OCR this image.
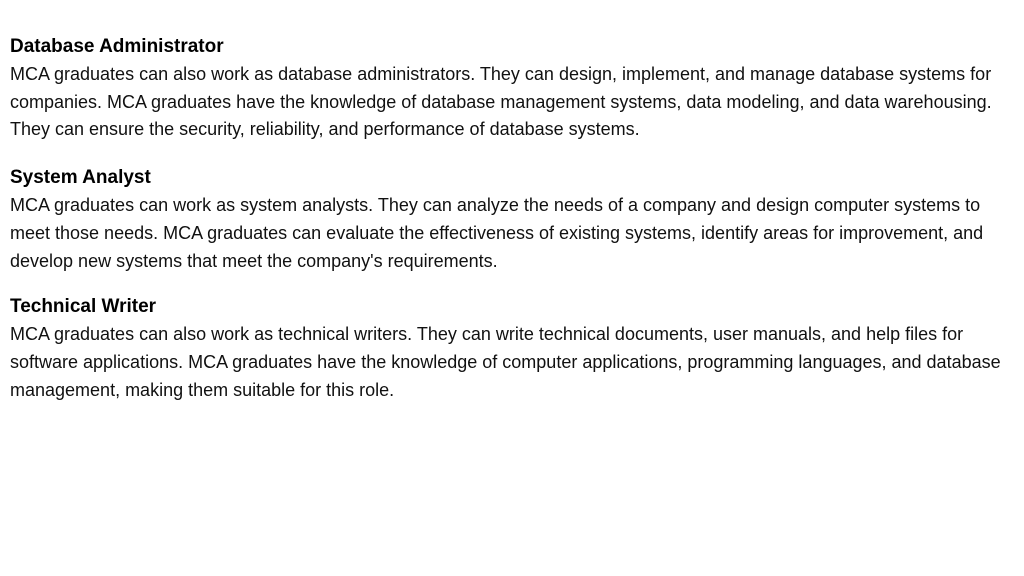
Database Administrator

MCA graduates can also work as database administrators. They can design, implement, and manage database systems for companies. MCA graduates have the knowledge of database management systems, data modeling, and data warehousing. They can ensure the security, reliability, and performance of database systems.

System Analyst

MCA graduates can work as system analysts. They can analyze the needs of a company and design computer systems to meet those needs. MCA graduates can evaluate the effectiveness of existing systems, identify areas for improvement, and develop new systems that meet the company's requirements.

Technical Writer

MCA graduates can also work as technical writers. They can write technical documents, user manuals, and help files for software applications. MCA graduates have the knowledge of computer applications, programming languages, and database management, making them suitable for this role.
